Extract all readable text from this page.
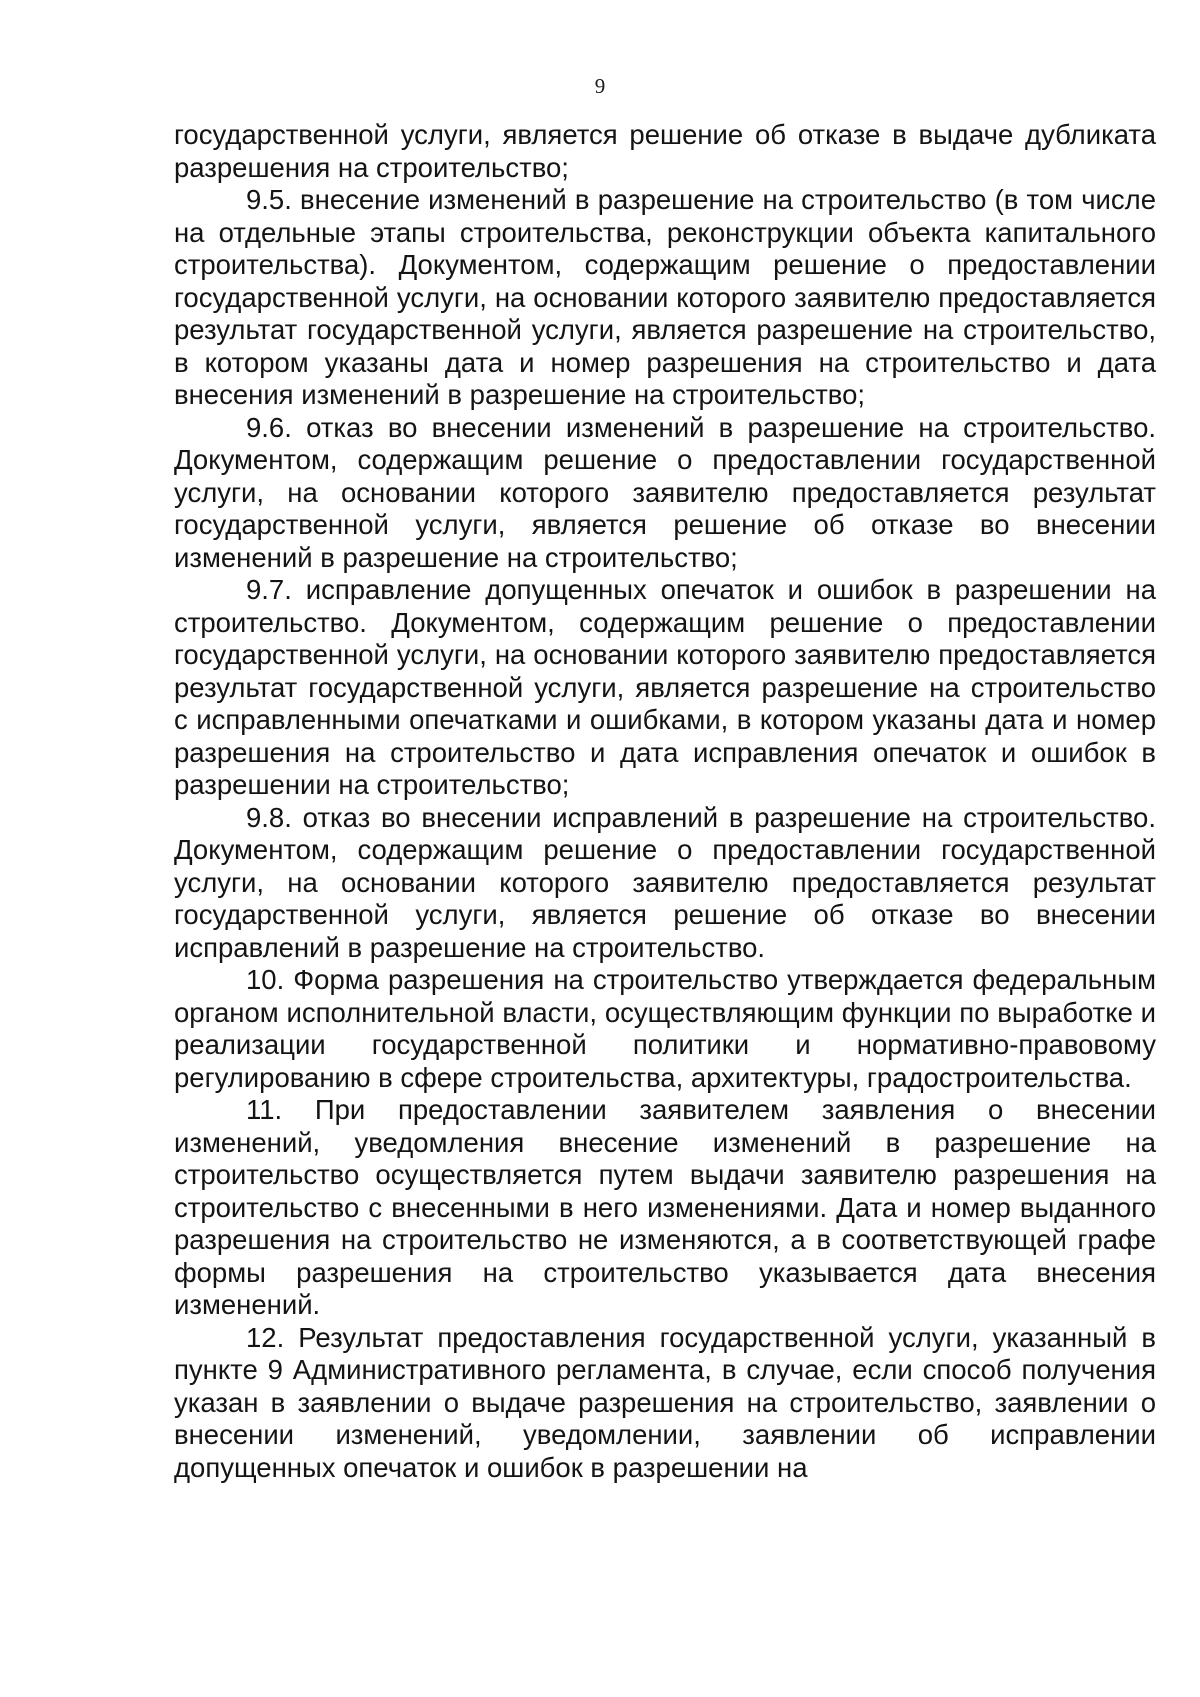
9

государственной услуги, является решение об отказе в выдаче дубликата разрешения на строительство;

9.5. внесение изменений в разрешение на строительство (в том числе на отдельные этапы строительства, реконструкции объекта капитального строительства). Документом, содержащим решение о предоставлении государственной услуги, на основании которого заявителю предоставляется результат государственной услуги, является разрешение на строительство, в котором указаны дата и номер разрешения на строительство и дата внесения изменений в разрешение на строительство;

9.6. отказ во внесении изменений в разрешение на строительство. Документом, содержащим решение о предоставлении государственной услуги, на основании которого заявителю предоставляется результат государственной услуги, является решение об отказе во внесении изменений в разрешение на строительство;

9.7. исправление допущенных опечаток и ошибок в разрешении на строительство. Документом, содержащим решение о предоставлении государственной услуги, на основании которого заявителю предоставляется результат государственной услуги, является разрешение на строительство с исправленными опечатками и ошибками, в котором указаны дата и номер разрешения на строительство и дата исправления опечаток и ошибок в разрешении на строительство;

9.8. отказ во внесении исправлений в разрешение на строительство. Документом, содержащим решение о предоставлении государственной услуги, на основании которого заявителю предоставляется результат государственной услуги, является решение об отказе во внесении исправлений в разрешение на строительство.

10. Форма разрешения на строительство утверждается федеральным органом исполнительной власти, осуществляющим функции по выработке и реализации государственной политики и нормативно-правовому регулированию в сфере строительства, архитектуры, градостроительства.

11. При предоставлении заявителем заявления о внесении изменений, уведомления внесение изменений в разрешение на строительство осуществляется путем выдачи заявителю разрешения на строительство с внесенными в него изменениями. Дата и номер выданного разрешения на строительство не изменяются, а в соответствующей графе формы разрешения на строительство указывается дата внесения изменений.

12. Результат предоставления государственной услуги, указанный в пункте 9 Административного регламента, в случае, если способ получения указан в заявлении о выдаче разрешения на строительство, заявлении о внесении изменений, уведомлении, заявлении об исправлении допущенных опечаток и ошибок в разрешении на
